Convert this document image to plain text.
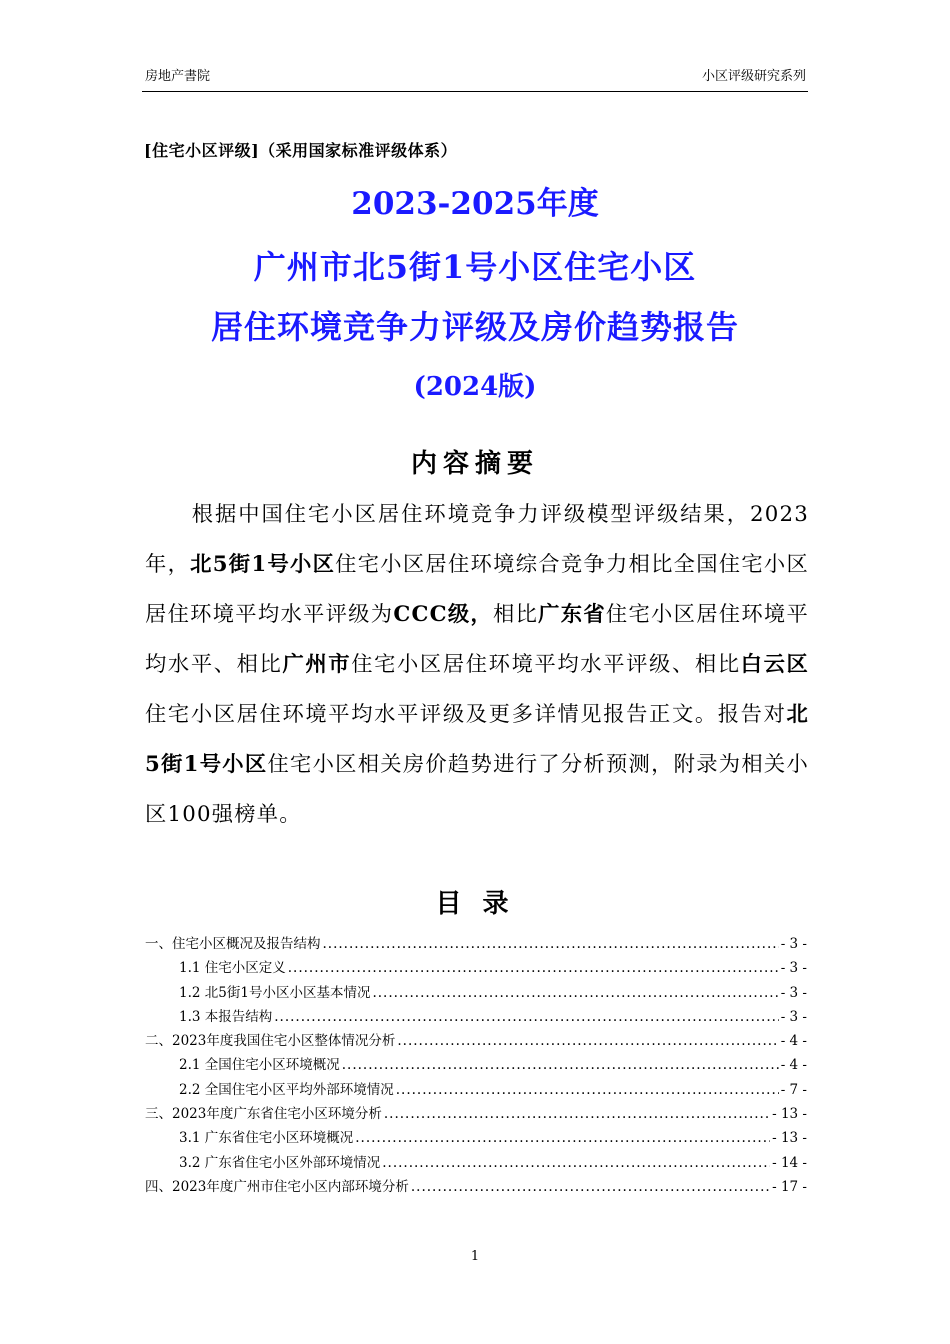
房地产書院	小区评级研究系列
[住宅小区评级]（采用国家标准评级体系）
2023-2025年度
广州市北5街1号小区住宅小区
居住环境竞争力评级及房价趋势报告
(2024版)
内容摘要

根据中国住宅小区居住环境竞争力评级模型评级结果，2023年，北5街1号小区住宅小区居住环境综合竞争力相比全国住宅小区居住环境平均水平评级为CCC级，相比广东省住宅小区居住环境平均水平、相比广州市住宅小区居住环境平均水平评级、相比白云区住宅小区居住环境平均水平评级及更多详情见报告正文。报告对北5街1号小区住宅小区相关房价趋势进行了分析预测，附录为相关小区100强榜单。

目 录
一、住宅小区概况及报告结构 .....	- 3 -
1.1 住宅小区定义 .....	- 3 -
1.2 北5街1号小区小区基本情况 .....	- 3 -
1.3 本报告结构 .....	- 3 -
二、2023年度我国住宅小区整体情况分析 .....	- 4 -
2.1 全国住宅小区环境概况 .....	- 4 -
2.2 全国住宅小区平均外部环境情况 .....	- 7 -
三、2023年度广东省住宅小区环境分析 .....	- 13 -
3.1 广东省住宅小区环境概况 .....	- 13 -
3.2 广东省住宅小区外部环境情况 .....	- 14 -
四、2023年度广州市住宅小区内部环境分析 .....	- 17 -
1
